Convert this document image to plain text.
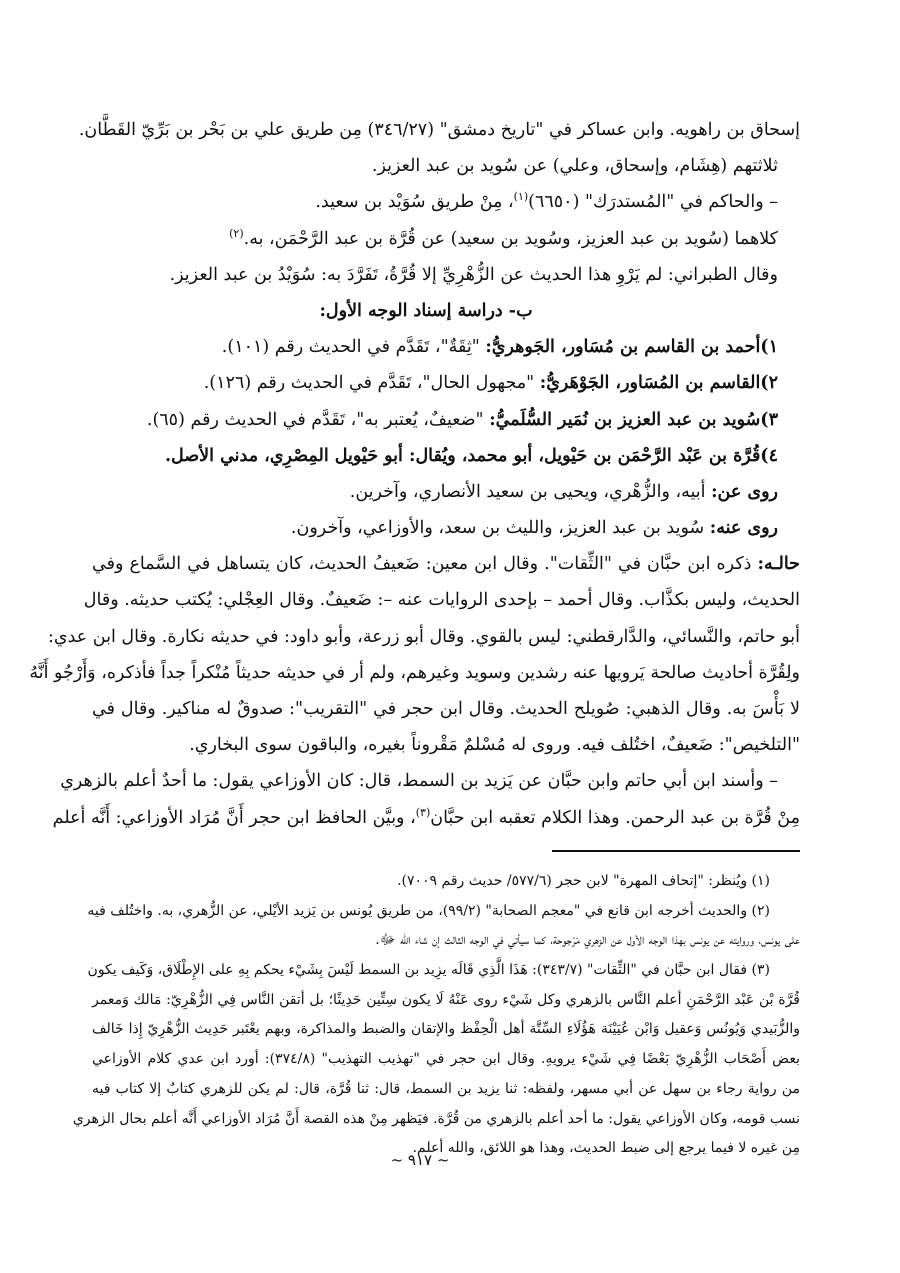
إسحاق بن راهويه. وابن عساكر في "تاريخ دمشق" (٣٤٦/٢٧) مِن طريق علي بن بَحْر بن بَرِّيّ القَطَّان.
ثلاثتهم (هِشَام، وإسحاق، وعلي) عن سُويد بن عبد العزيز.
– والحاكم في "المُستدرَك" (٦٦٥٠)$^{(١)}$، مِنْ طريق سُوَيْد بن سعيد.
كلاهما (سُويد بن عبد العزيز، وسُويد بن سعيد) عن قُرَّة بن عبد الرَّحْمَن، به.$^{(٢)}$
وقال الطبراني: لم يَرْوِ هذا الحديث عن الزُّهْرِيِّ إلا قُرَّةُ، تَفَرَّدَ به: سُوَيْدُ بن عبد العزيز.
ب- دراسة إسناد الوجه الأول:
١)أحمد بن القاسم بن مُسَاور، الجَوهريُّ: "ثِقَةٌ"، تَقَدَّم في الحديث رقم (١٠١).
٢)القاسم بن المُسَاور، الجَوْهَريُّ: "مجهول الحال"، تَقَدَّم في الحديث رقم (١٢٦).
٣)سُويد بن عبد العزيز بن نُمَير السُّلَميُّ: "ضعيفٌ، يُعتبر به"، تَقَدَّم في الحديث رقم (٦٥).
٤)قُرَّة بن عَبْد الرَّحْمَن بن حَيْويل، أبو محمد، ويُقال: أبو حَيْويل المِصْرِي، مدني الأصل.
روى عن: أبيه، والزُّهْري، ويحيى بن سعيد الأنصاري، وآخرين.
روى عنه: سُويد بن عبد العزيز، والليث بن سعد، والأوزاعي، وآخرون.
حالـه: ذكره ابن حبَّان في "الثِّقات". وقال ابن معين: ضَعيفُ الحديث، كان يتساهل في السَّماع وفي
الحديث، وليس بكذَّاب. وقال أحمد – بإحدى الروايات عنه –: ضَعيفٌ. وقال العِجْلي: يُكتب حديثه. وقال
أبو حاتم، والنَّسائي، والدَّارقطني: ليس بالقوي. وقال أبو زرعة، وأبو داود: في حديثه نكارة. وقال ابن عدي:
ولِقُرَّة أحاديث صالحة يَرويها عنه رشدين وسويد وغيرهم، ولم أر في حديثه حديثاً مُنْكراً جداً فأذكره، وَأَرْجُو أَنَّهُ
لا بَأْسَ به. وقال الذهبي: صُويلح الحديث. وقال ابن حجر في "التقريب": صدوقٌ له مناكير. وقال في
"التلخيص": ضَعيفٌ، اختُلف فيه. وروى له مُسْلمٌ مَقْروناً بغيره، والباقون سوى البخاري.
– وأسند ابن أبي حاتم وابن حبَّان عن يَزيد بن السمط، قال: كان الأوزاعي يقول: ما أحدٌ أعلم بالزهري
مِنْ قُرَّة بن عبد الرحمن. وهذا الكلام تعقبه ابن حبَّان$^{(٣)}$، وبيَّن الحافظ ابن حجر أَنَّ مُرَاد الأوزاعي: أَنَّه أعلم
(١) ويُنظر: "إتحاف المهرة" لابن حجر (٥٧٧/٦/ حديث رقم ٧٠٠٩).
(٢) والحديث أخرجه ابن قانع في "معجم الصحابة" (٩٩/٢)، من طريق يُونس بن يَزيد الأيْلي، عن الزُّهري، به. واختُلف فيه
على يونس، وروايته عن يونس بهذا الوجه الأول عن الزهري مَرْجوحة، كما سيأتي في الوجه الثالث إن شاء الله ﷻ.
(٣) فقال ابن حبَّان في "الثِّقات" (٣٤٣/٧): هَذَا الَّذِي قَالَه يزِيد بن السمط لَيْسَ بِشَيْء يحكم بِهِ على الإِطْلَاق، وَكَيف يكون
قُرَّة بْن عَبْد الرَّحْمَنِ أعلم النَّاس بالزهري وكل شَيْء روى عَنْهُ لَا يكون سِتِّين حَدِيثًا؛ بل أتقن النَّاس فِي الزُّهْرِيّ: مَالك وَمعمر
والزُّبَيدي وَيُونُس وَعقيل وَابْن عُيَيْنَة هَؤُلَاءِ السِّتَّة أهل الْحِفْظ والإتقان والضبط والمذاكرة، وبهم يعْتَبر حَدِيث الزُّهْرِيّ إِذا خَالف
بعض أَصْحَاب الزُّهْرِيّ بَعْضًا فِي شَيْء يرويهِ. وقال ابن حجر في "تهذيب التهذيب" (٣٧٤/٨): أورد ابن عدي كلام الأوزاعي
من رواية رجاء بن سهل عن أبي مسهر، ولفظه: ثنا يزيد بن السمط، قال: ثنا قُرَّة، قال: لم يكن للزهري كتابٌ إلا كتاب فيه
نسب قومه، وكان الأوزاعي يقول: ما أحد أعلم بالزهري من قُرَّة. فيَظهر مِنْ هذه القصة أَنَّ مُرَاد الأوزاعي أَنَّه أعلم بحال الزهري
مِن غيره لا فيما يرجع إلى ضبط الحديث، وهذا هو اللائق، والله أعلم.
~ ٩١٧ ~
